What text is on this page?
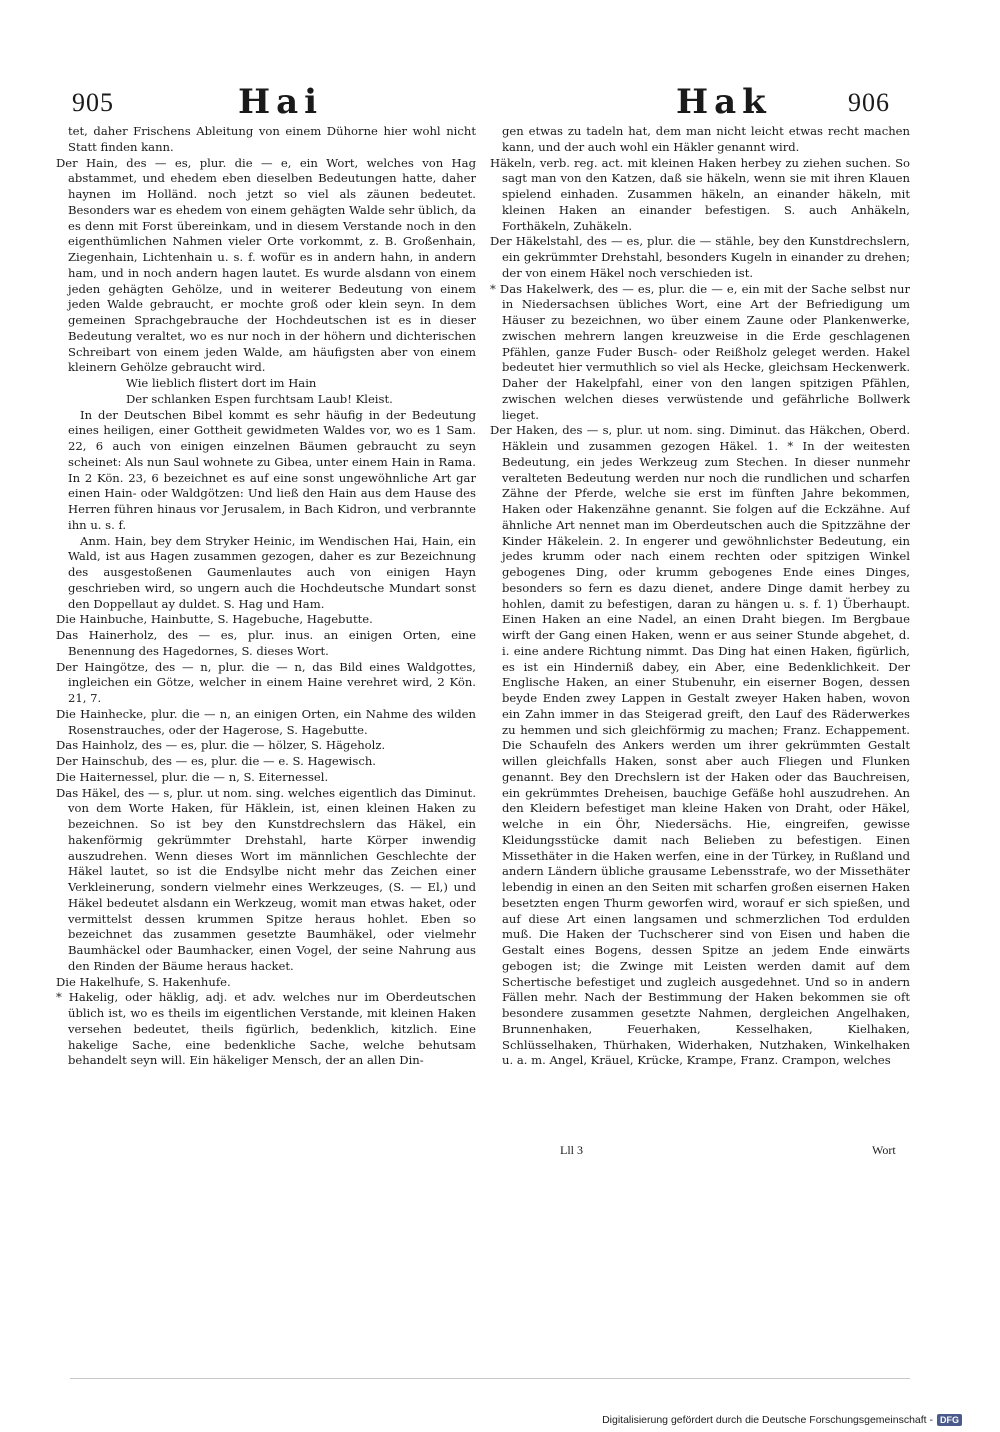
905	Hai	Hak	906

tet, daher Frischens Ableitung von einem Dühorne hier wohl nicht Statt finden kann.

Der Hain, des — es, plur. die — e, ein Wort, welches von Hag abstammet, und ehedem eben dieselben Bedeutungen hatte, daher haynen im Holländ. noch jetzt so viel als zäunen bedeutet. Besonders war es ehedem von einem gehägten Walde sehr üblich, da es denn mit Forst übereinkam, und in diesem Verstande noch in den eigenthümlichen Nahmen vieler Orte vorkommt, z. B. Großenhain, Ziegenhain, Lichtenhain u. s. f. wofür es in andern hahn, in andern ham, und in noch andern hagen lautet. Es wurde alsdann von einem jeden gehägten Gehölze, und in weiterer Bedeutung von einem jeden Walde gebraucht, er mochte groß oder klein seyn. In dem gemeinen Sprachgebrauche der Hochdeutschen ist es in dieser Bedeutung veraltet, wo es nur noch in der höhern und dichterischen Schreibart von einem jeden Walde, am häufigsten aber von einem kleinern Gehölze gebraucht wird.

Wie lieblich flistert dort im Hain

Der schlanken Espen furchtsam Laub! Kleist.

In der Deutschen Bibel kommt es sehr häufig in der Bedeutung eines heiligen, einer Gottheit gewidmeten Waldes vor, wo es 1 Sam. 22, 6 auch von einigen einzelnen Bäumen gebraucht zu seyn scheinet: Als nun Saul wohnete zu Gibea, unter einem Hain in Rama. In 2 Kön. 23, 6 bezeichnet es auf eine sonst ungewöhnliche Art gar einen Hain- oder Waldgötzen: Und ließ den Hain aus dem Hause des Herren führen hinaus vor Jerusalem, in Bach Kidron, und verbrannte ihn u. s. f.

Anm. Hain, bey dem Stryker Heinic, im Wendischen Hai, Hain, ein Wald, ist aus Hagen zusammen gezogen, daher es zur Bezeichnung des ausgestoßenen Gaumenlautes auch von einigen Hayn geschrieben wird, so ungern auch die Hochdeutsche Mundart sonst den Doppellaut ay duldet. S. Hag und Ham.

Die Hainbuche, Hainbutte, S. Hagebuche, Hagebutte.

Das Hainerholz, des — es, plur. inus. an einigen Orten, eine Benennung des Hagedornes, S. dieses Wort.

Der Haingötze, des — n, plur. die — n, das Bild eines Waldgottes, ingleichen ein Götze, welcher in einem Haine verehret wird, 2 Kön. 21, 7.

Die Hainhecke, plur. die — n, an einigen Orten, ein Nahme des wilden Rosenstrauches, oder der Hagerose, S. Hagebutte.

Das Hainholz, des — es, plur. die — hölzer, S. Hägeholz.

Der Hainschub, des — es, plur. die — e. S. Hagewisch.

Die Haiternessel, plur. die — n, S. Eiternessel.

Das Häkel, des — s, plur. ut nom. sing. welches eigentlich das Diminut. von dem Worte Haken, für Häklein, ist, einen kleinen Haken zu bezeichnen. So ist bey den Kunstdrechslern das Häkel, ein hakenförmig gekrümmter Drehstahl, harte Körper inwendig auszudrehen. Wenn dieses Wort im männlichen Geschlechte der Häkel lautet, so ist die Endsylbe nicht mehr das Zeichen einer Verkleinerung, sondern vielmehr eines Werkzeuges, (S. — El,) und Häkel bedeutet alsdann ein Werkzeug, womit man etwas haket, oder vermittelst dessen krummen Spitze heraus hohlet. Eben so bezeichnet das zusammen gesetzte Baumhäkel, oder vielmehr Baumhäckel oder Baumhacker, einen Vogel, der seine Nahrung aus den Rinden der Bäume heraus hacket.

Die Hakelhufe, S. Hakenhufe.

* Hakelig, oder häklig, adj. et adv. welches nur im Oberdeutschen üblich ist, wo es theils im eigentlichen Verstande, mit kleinen Haken versehen bedeutet, theils figürlich, bedenklich, kitzlich. Eine hakelige Sache, eine bedenkliche Sache, welche behutsam behandelt seyn will. Ein häkeliger Mensch, der an allen Din-

gen etwas zu tadeln hat, dem man nicht leicht etwas recht machen kann, und der auch wohl ein Häkler genannt wird.

Häkeln, verb. reg. act. mit kleinen Haken herbey zu ziehen suchen. So sagt man von den Katzen, daß sie häkeln, wenn sie mit ihren Klauen spielend einhaden. Zusammen häkeln, an einander häkeln, mit kleinen Haken an einander befestigen. S. auch Anhäkeln, Forthäkeln, Zuhäkeln.

Der Häkelstahl, des — es, plur. die — stähle, bey den Kunstdrechslern, ein gekrümmter Drehstahl, besonders Kugeln in einander zu drehen; der von einem Häkel noch verschieden ist.

* Das Hakelwerk, des — es, plur. die — e, ein mit der Sache selbst nur in Niedersachsen übliches Wort, eine Art der Befriedigung um Häuser zu bezeichnen, wo über einem Zaune oder Plankenwerke, zwischen mehrern langen kreuzweise in die Erde geschlagenen Pfählen, ganze Fuder Busch- oder Reißholz geleget werden. Hakel bedeutet hier vermuthlich so viel als Hecke, gleichsam Heckenwerk. Daher der Hakelpfahl, einer von den langen spitzigen Pfählen, zwischen welchen dieses verwüstende und gefährliche Bollwerk lieget.

Der Haken, des — s, plur. ut nom. sing. Diminut. das Häkchen, Oberd. Häklein und zusammen gezogen Häkel. 1. * In der weitesten Bedeutung, ein jedes Werkzeug zum Stechen. In dieser nunmehr veralteten Bedeutung werden nur noch die rundlichen und scharfen Zähne der Pferde, welche sie erst im fünften Jahre bekommen, Haken oder Hakenzähne genannt. Sie folgen auf die Eckzähne. Auf ähnliche Art nennet man im Oberdeutschen auch die Spitzzähne der Kinder Häkelein. 2. In engerer und gewöhnlichster Bedeutung, ein jedes krumm oder nach einem rechten oder spitzigen Winkel gebogenes Ding, oder krumm gebogenes Ende eines Dinges, besonders so fern es dazu dienet, andere Dinge damit herbey zu hohlen, damit zu befestigen, daran zu hängen u. s. f. 1) Überhaupt. Einen Haken an eine Nadel, an einen Draht biegen. Im Bergbaue wirft der Gang einen Haken, wenn er aus seiner Stunde abgehet, d. i. eine andere Richtung nimmt. Das Ding hat einen Haken, figürlich, es ist ein Hinderniß dabey, ein Aber, eine Bedenklichkeit. Der Englische Haken, an einer Stubenuhr, ein eiserner Bogen, dessen beyde Enden zwey Lappen in Gestalt zweyer Haken haben, wovon ein Zahn immer in das Steigerad greift, den Lauf des Räderwerkes zu hemmen und sich gleichförmig zu machen; Franz. Echappement. Die Schaufeln des Ankers werden um ihrer gekrümmten Gestalt willen gleichfalls Haken, sonst aber auch Fliegen und Flunken genannt. Bey den Drechslern ist der Haken oder das Bauchreisen, ein gekrümmtes Dreheisen, bauchige Gefäße hohl auszudrehen. An den Kleidern befestiget man kleine Haken von Draht, oder Häkel, welche in ein Öhr, Niedersächs. Hie, eingreifen, gewisse Kleidungsstücke damit nach Belieben zu befestigen. Einen Missethäter in die Haken werfen, eine in der Türkey, in Rußland und andern Ländern übliche grausame Lebensstrafe, wo der Missethäter lebendig in einen an den Seiten mit scharfen großen eisernen Haken besetzten engen Thurm geworfen wird, worauf er sich spießen, und auf diese Art einen langsamen und schmerzlichen Tod erdulden muß. Die Haken der Tuchscherer sind von Eisen und haben die Gestalt eines Bogens, dessen Spitze an jedem Ende einwärts gebogen ist; die Zwinge mit Leisten werden damit auf dem Schertische befestiget und zugleich ausgedehnet. Und so in andern Fällen mehr. Nach der Bestimmung der Haken bekommen sie oft besondere zusammen gesetzte Nahmen, dergleichen Angelhaken, Brunnenhaken, Feuerhaken, Kesselhaken, Kielhaken, Schlüsselhaken, Thürhaken, Widerhaken, Nutzhaken, Winkelhaken u. a. m. Angel, Kräuel, Krücke, Krampe, Franz. Crampon, welches

Lll 3	Wort
Digitalisierung gefördert durch die Deutsche Forschungsgemeinschaft - DFG
